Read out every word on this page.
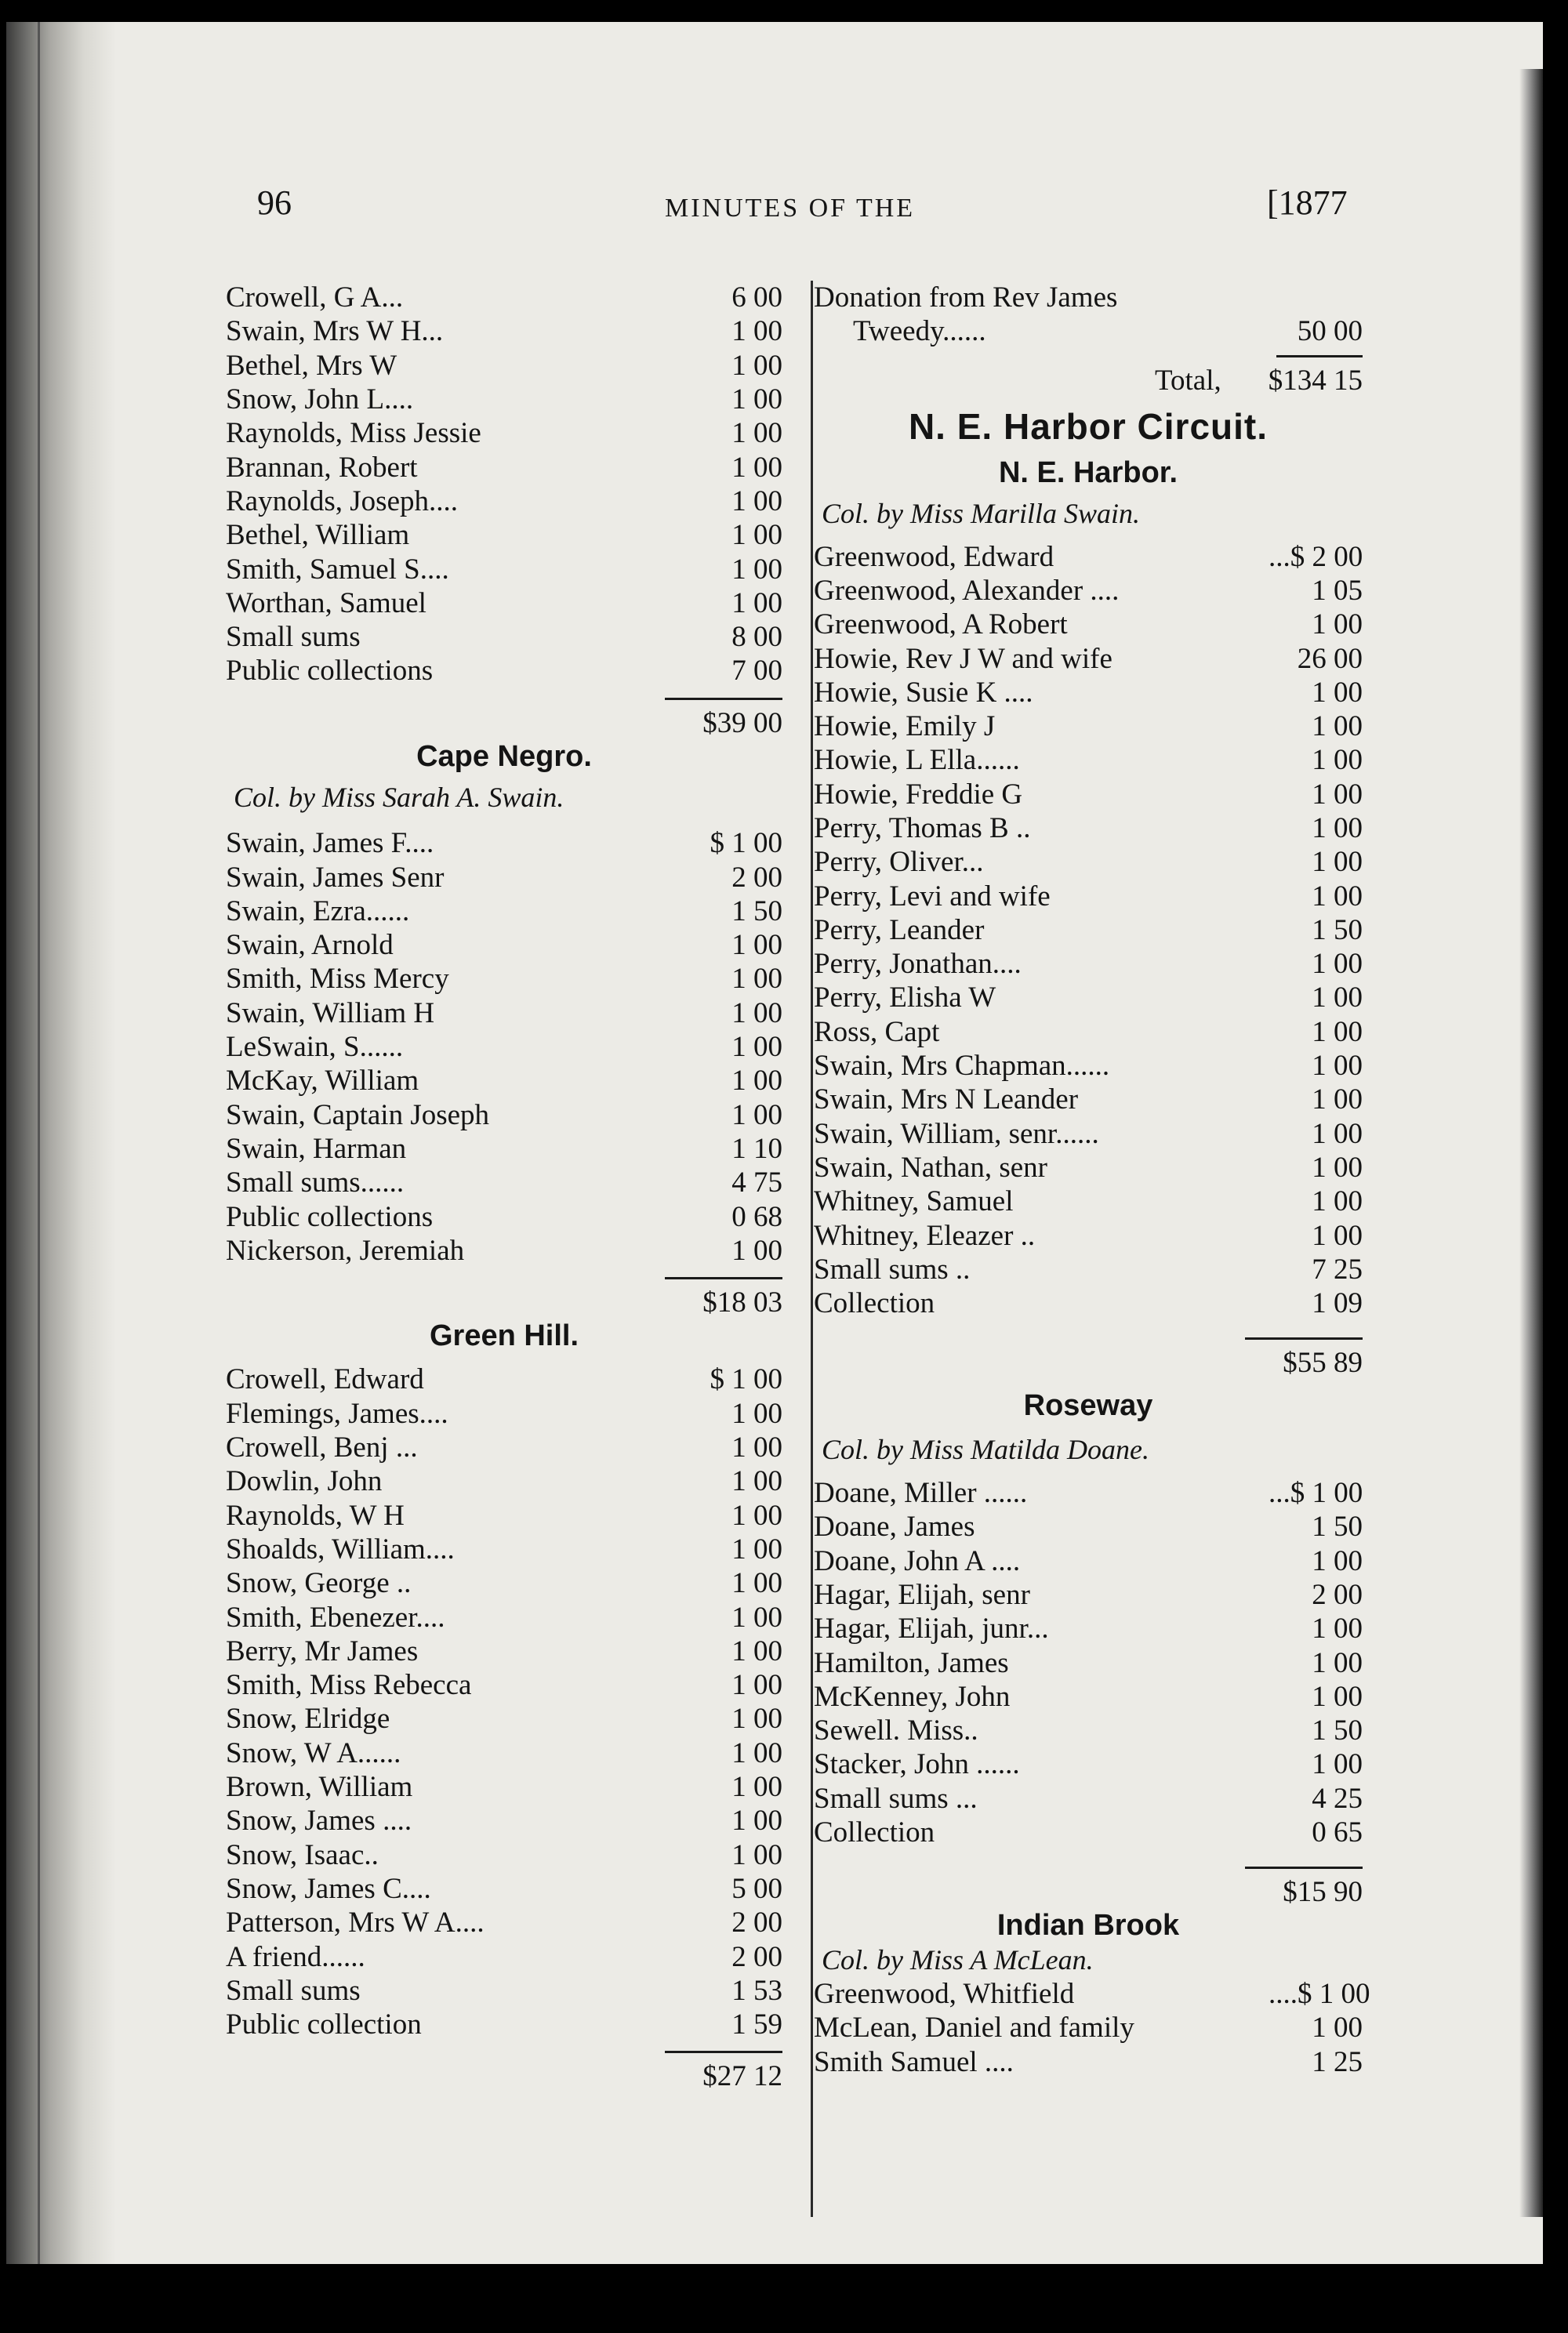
96	MINUTES OF THE	[1877
Crowell, G A...	6 00
Swain, Mrs W H...	1 00
Bethel, Mrs W	1 00
Snow, John L....	1 00
Raynolds, Miss Jessie	1 00
Brannan, Robert	1 00
Raynolds, Joseph....	1 00
Bethel, William	1 00
Smith, Samuel S....	1 00
Worthan, Samuel	1 00
Small sums	8 00
Public collections	7 00
$39 00
Cape Negro.
Col. by Miss Sarah A. Swain.
Swain, James F....	$ 1 00
Swain, James Senr	2 00
Swain, Ezra......	1 50
Swain, Arnold	1 00
Smith, Miss Mercy	1 00
Swain, William H	1 00
LeSwain, S......	1 00
McKay, William	1 00
Swain, Captain Joseph	1 00
Swain, Harman	1 10
Small sums......	4 75
Public collections	0 68
Nickerson, Jeremiah	1 00
$18 03
Green Hill.
Crowell, Edward	$ 1 00
Flemings, James....	1 00
Crowell, Benj ...	1 00
Dowlin, John	1 00
Raynolds, W H	1 00
Shoalds, William....	1 00
Snow, George ..	1 00
Smith, Ebenezer....	1 00
Berry, Mr James	1 00
Smith, Miss Rebecca	1 00
Snow, Elridge	1 00
Snow, W A......	1 00
Brown, William	1 00
Snow, James ....	1 00
Snow, Isaac..	1 00
Snow, James C....	5 00
Patterson, Mrs W A....	2 00
A friend......	2 00
Small sums	1 53
Public collection	1 59
$27 12
Donation from Rev James
Tweedy......	50 00
Total, $134 15
N. E. Harbor Circuit.
N. E. Harbor.
Col. by Miss Marilla Swain.
Greenwood, Edward	...$ 2 00
Greenwood, Alexander ....	1 05
Greenwood, A Robert	1 00
Howie, Rev J W and wife	26 00
Howie, Susie K ....	1 00
Howie, Emily J	1 00
Howie, L Ella......	1 00
Howie, Freddie G	1 00
Perry, Thomas B ..	1 00
Perry, Oliver...	1 00
Perry, Levi and wife	1 00
Perry, Leander	1 50
Perry, Jonathan....	1 00
Perry, Elisha W	1 00
Ross, Capt	1 00
Swain, Mrs Chapman......	1 00
Swain, Mrs N Leander	1 00
Swain, William, senr......	1 00
Swain, Nathan, senr	1 00
Whitney, Samuel	1 00
Whitney, Eleazer ..	1 00
Small sums ..	7 25
Collection	1 09
$55 89
Roseway
Col. by Miss Matilda Doane.
Doane, Miller ......	...$ 1 00
Doane, James	1 50
Doane, John A ....	1 00
Hagar, Elijah, senr	2 00
Hagar, Elijah, junr...	1 00
Hamilton, James	1 00
McKenney, John	1 00
Sewell. Miss..	1 50
Stacker, John ......	1 00
Small sums ...	4 25
Collection	0 65
$15 90
Indian Brook
Col. by Miss A McLean.
Greenwood, Whitfield	....$ 1 00
McLean, Daniel and family	1 00
Smith Samuel ....	1 25
